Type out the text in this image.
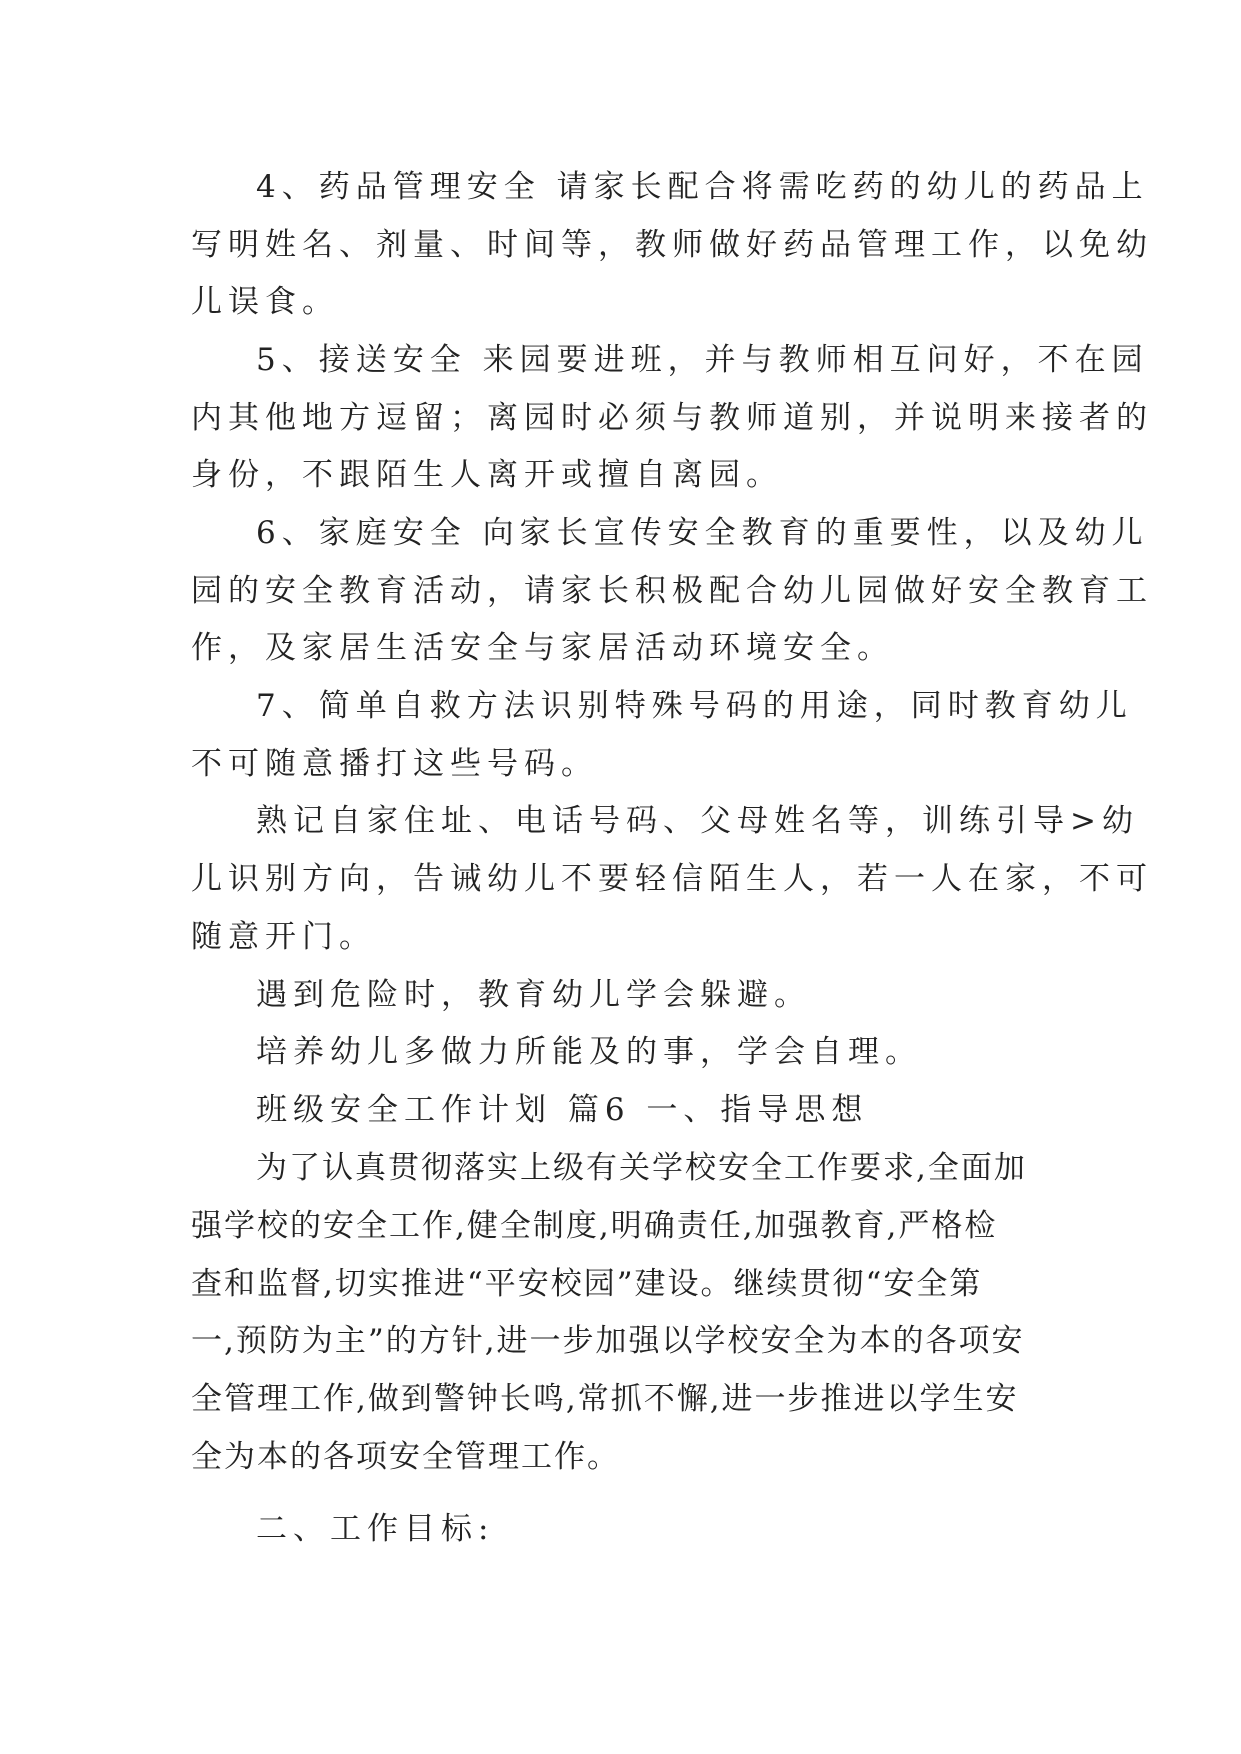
4、药品管理安全 请家长配合将需吃药的幼儿的药品上
写明姓名、剂量、时间等，教师做好药品管理工作，以免幼
儿误食。
5、接送安全 来园要进班，并与教师相互问好，不在园
内其他地方逗留；离园时必须与教师道别，并说明来接者的
身份，不跟陌生人离开或擅自离园。
6、家庭安全 向家长宣传安全教育的重要性，以及幼儿
园的安全教育活动，请家长积极配合幼儿园做好安全教育工
作，及家居生活安全与家居活动环境安全。
7、简单自救方法识别特殊号码的用途，同时教育幼儿
不可随意播打这些号码。
熟记自家住址、电话号码、父母姓名等，训练引导>幼
儿识别方向，告诫幼儿不要轻信陌生人，若一人在家，不可
随意开门。
遇到危险时，教育幼儿学会躲避。
培养幼儿多做力所能及的事，学会自理。
班级安全工作计划 篇6 一、指导思想
为了认真贯彻落实上级有关学校安全工作要求,全面加
强学校的安全工作,健全制度,明确责任,加强教育,严格检
查和监督,切实推进“平安校园”建设。继续贯彻“安全第
一,预防为主”的方针,进一步加强以学校安全为本的各项安
全管理工作,做到警钟长鸣,常抓不懈,进一步推进以学生安
全为本的各项安全管理工作。
二、工作目标:
